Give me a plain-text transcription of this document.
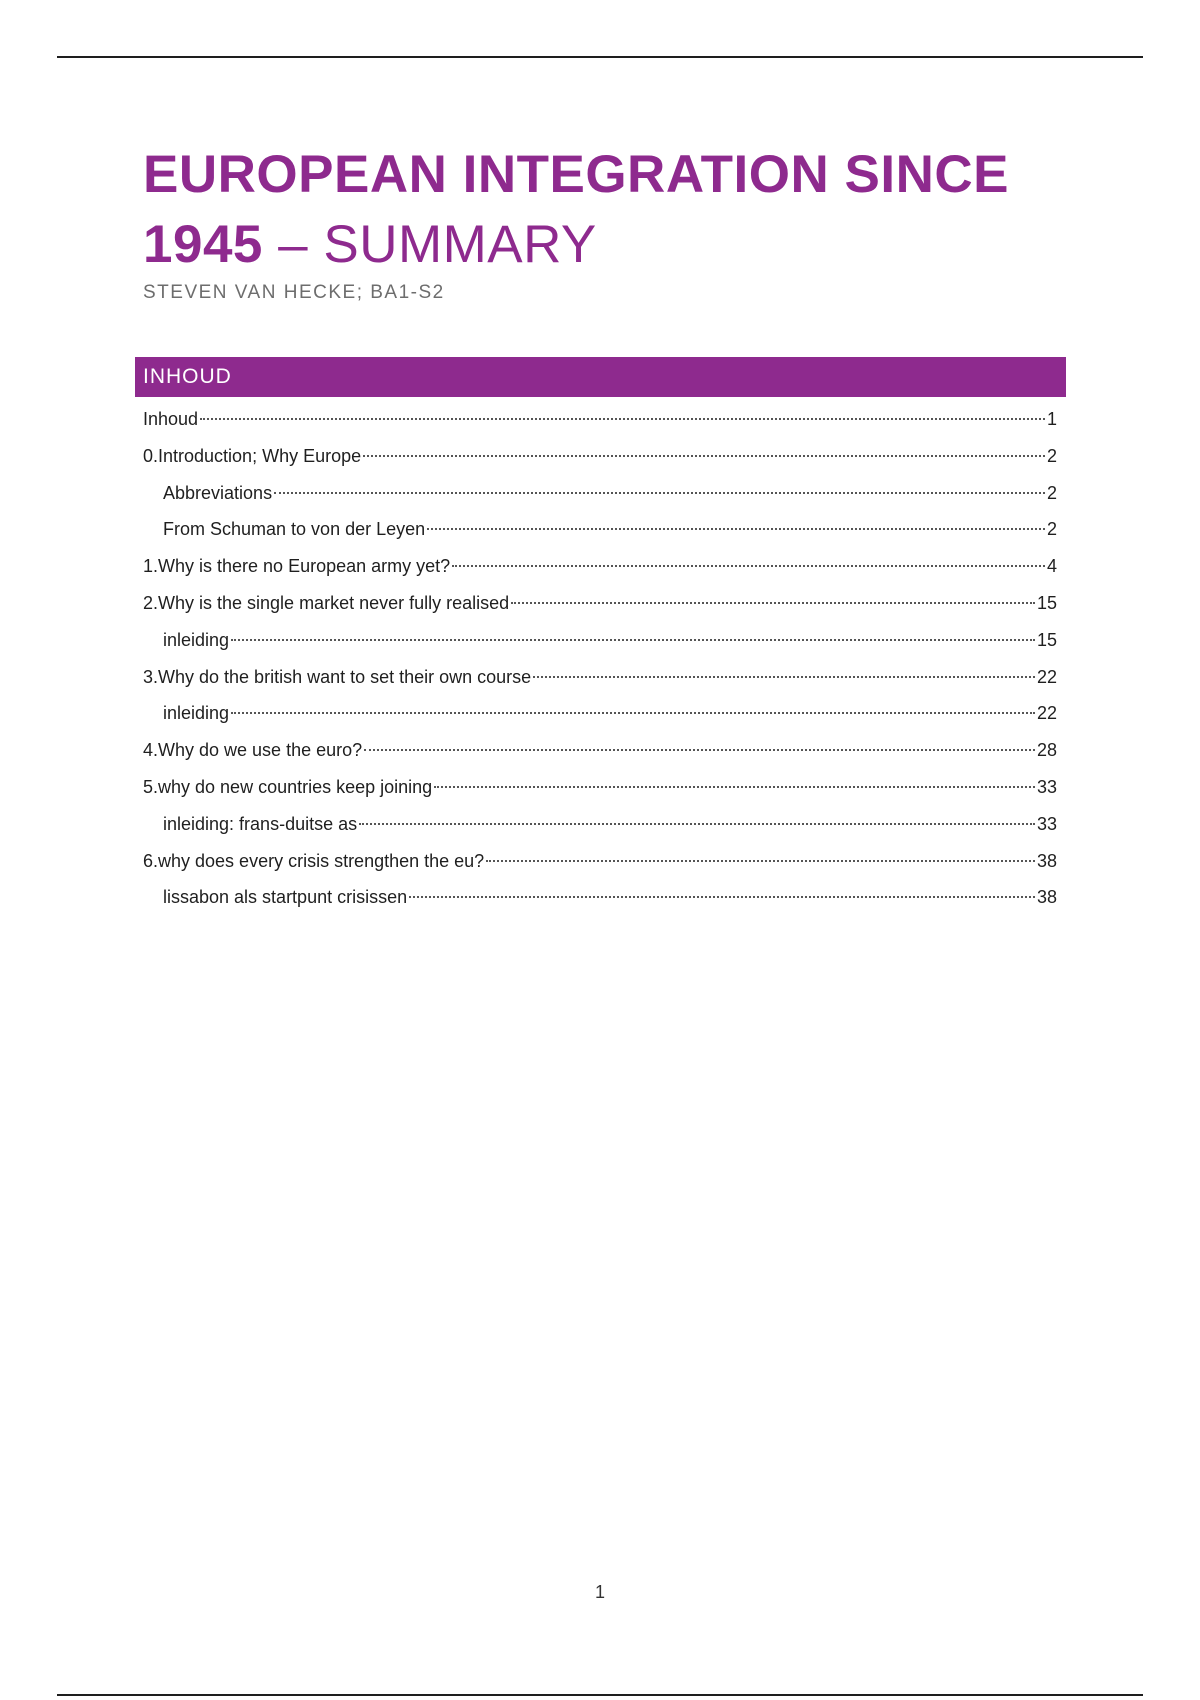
EUROPEAN INTEGRATION SINCE 1945 – SUMMARY

STEVEN VAN HECKE; BA1-S2

INHOUD
Inhoud	1
0.Introduction; Why Europe	2
Abbreviations	2
From Schuman to von der Leyen	2
1.Why is there no European army yet?	4
2.Why is the single market never fully realised	15
inleiding	15
3.Why do the british want to set their own course	22
inleiding	22
4.Why do we use the euro?	28
5.why do new countries keep joining	33
inleiding: frans-duitse as	33
6.why does every crisis strengthen the eu?	38
lissabon als startpunt crisissen	38
1
